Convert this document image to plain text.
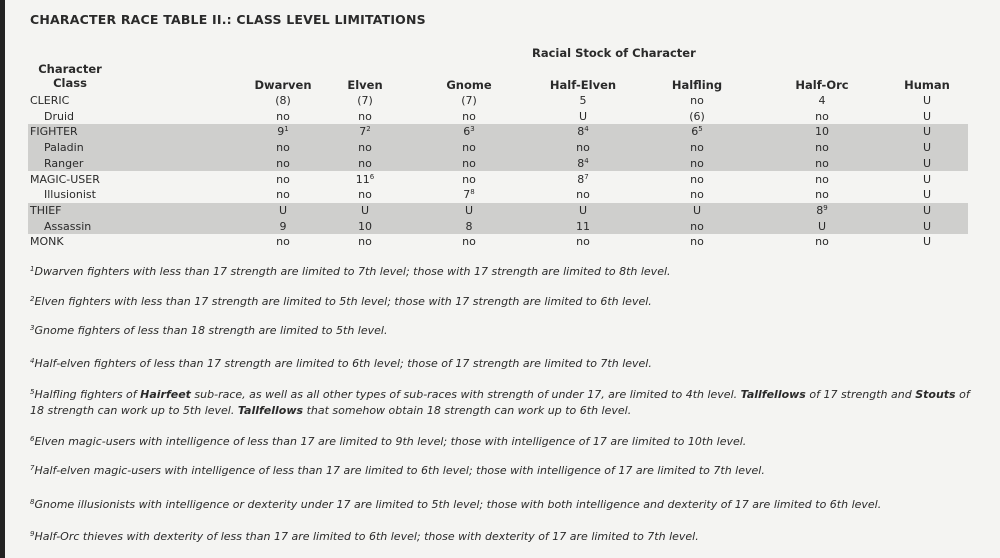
CHARACTER RACE TABLE II.: CLASS LEVEL LIMITATIONS
Racial Stock of Character
Character
Class	Dwarven	Elven	Gnome	Half-Elven	Halfling	Half-Orc	Human
CLERIC	(8)	(7)	(7)	5	no	4	U
Druid	no	no	no	U	(6)	no	U
FIGHTER	$9^1$	$7^2$	$6^3$	$8^4$	$6^5$	10	U
Paladin	no	no	no	no	no	no	U
Ranger	no	no	no	$8^4$	no	no	U
MAGIC-USER	no	$11^6$	no	$8^7$	no	no	U
Illusionist	no	no	$7^8$	no	no	no	U
THIEF	U	U	U	U	U	$8^9$	U
Assassin	9	10	8	11	no	U	U
MONK	no	no	no	no	no	no	U
$^1$Dwarven fighters with less than 17 strength are limited to 7th level; those with 17 strength are limited to 8th level.
$^2$Elven fighters with less than 17 strength are limited to 5th level; those with 17 strength are limited to 6th level.
$^3$Gnome fighters of less than 18 strength are limited to 5th level.
$^4$Half-elven fighters of less than 17 strength are limited to 6th level; those of 17 strength are limited to 7th level.
$^5$Halfling fighters of Hairfeet sub-race, as well as all other types of sub-races with strength of under 17, are limited to 4th level. Tallfellows of 17 strength and Stouts of 18 strength can work up to 5th level. Tallfellows that somehow obtain 18 strength can work up to 6th level.
$^6$Elven magic-users with intelligence of less than 17 are limited to 9th level; those with intelligence of 17 are limited to 10th level.
$^7$Half-elven magic-users with intelligence of less than 17 are limited to 6th level; those with intelligence of 17 are limited to 7th level.
$^8$Gnome illusionists with intelligence or dexterity under 17 are limited to 5th level; those with both intelligence and dexterity of 17 are limited to 6th level.
$^9$Half-Orc thieves with dexterity of less than 17 are limited to 6th level; those with dexterity of 17 are limited to 7th level.
